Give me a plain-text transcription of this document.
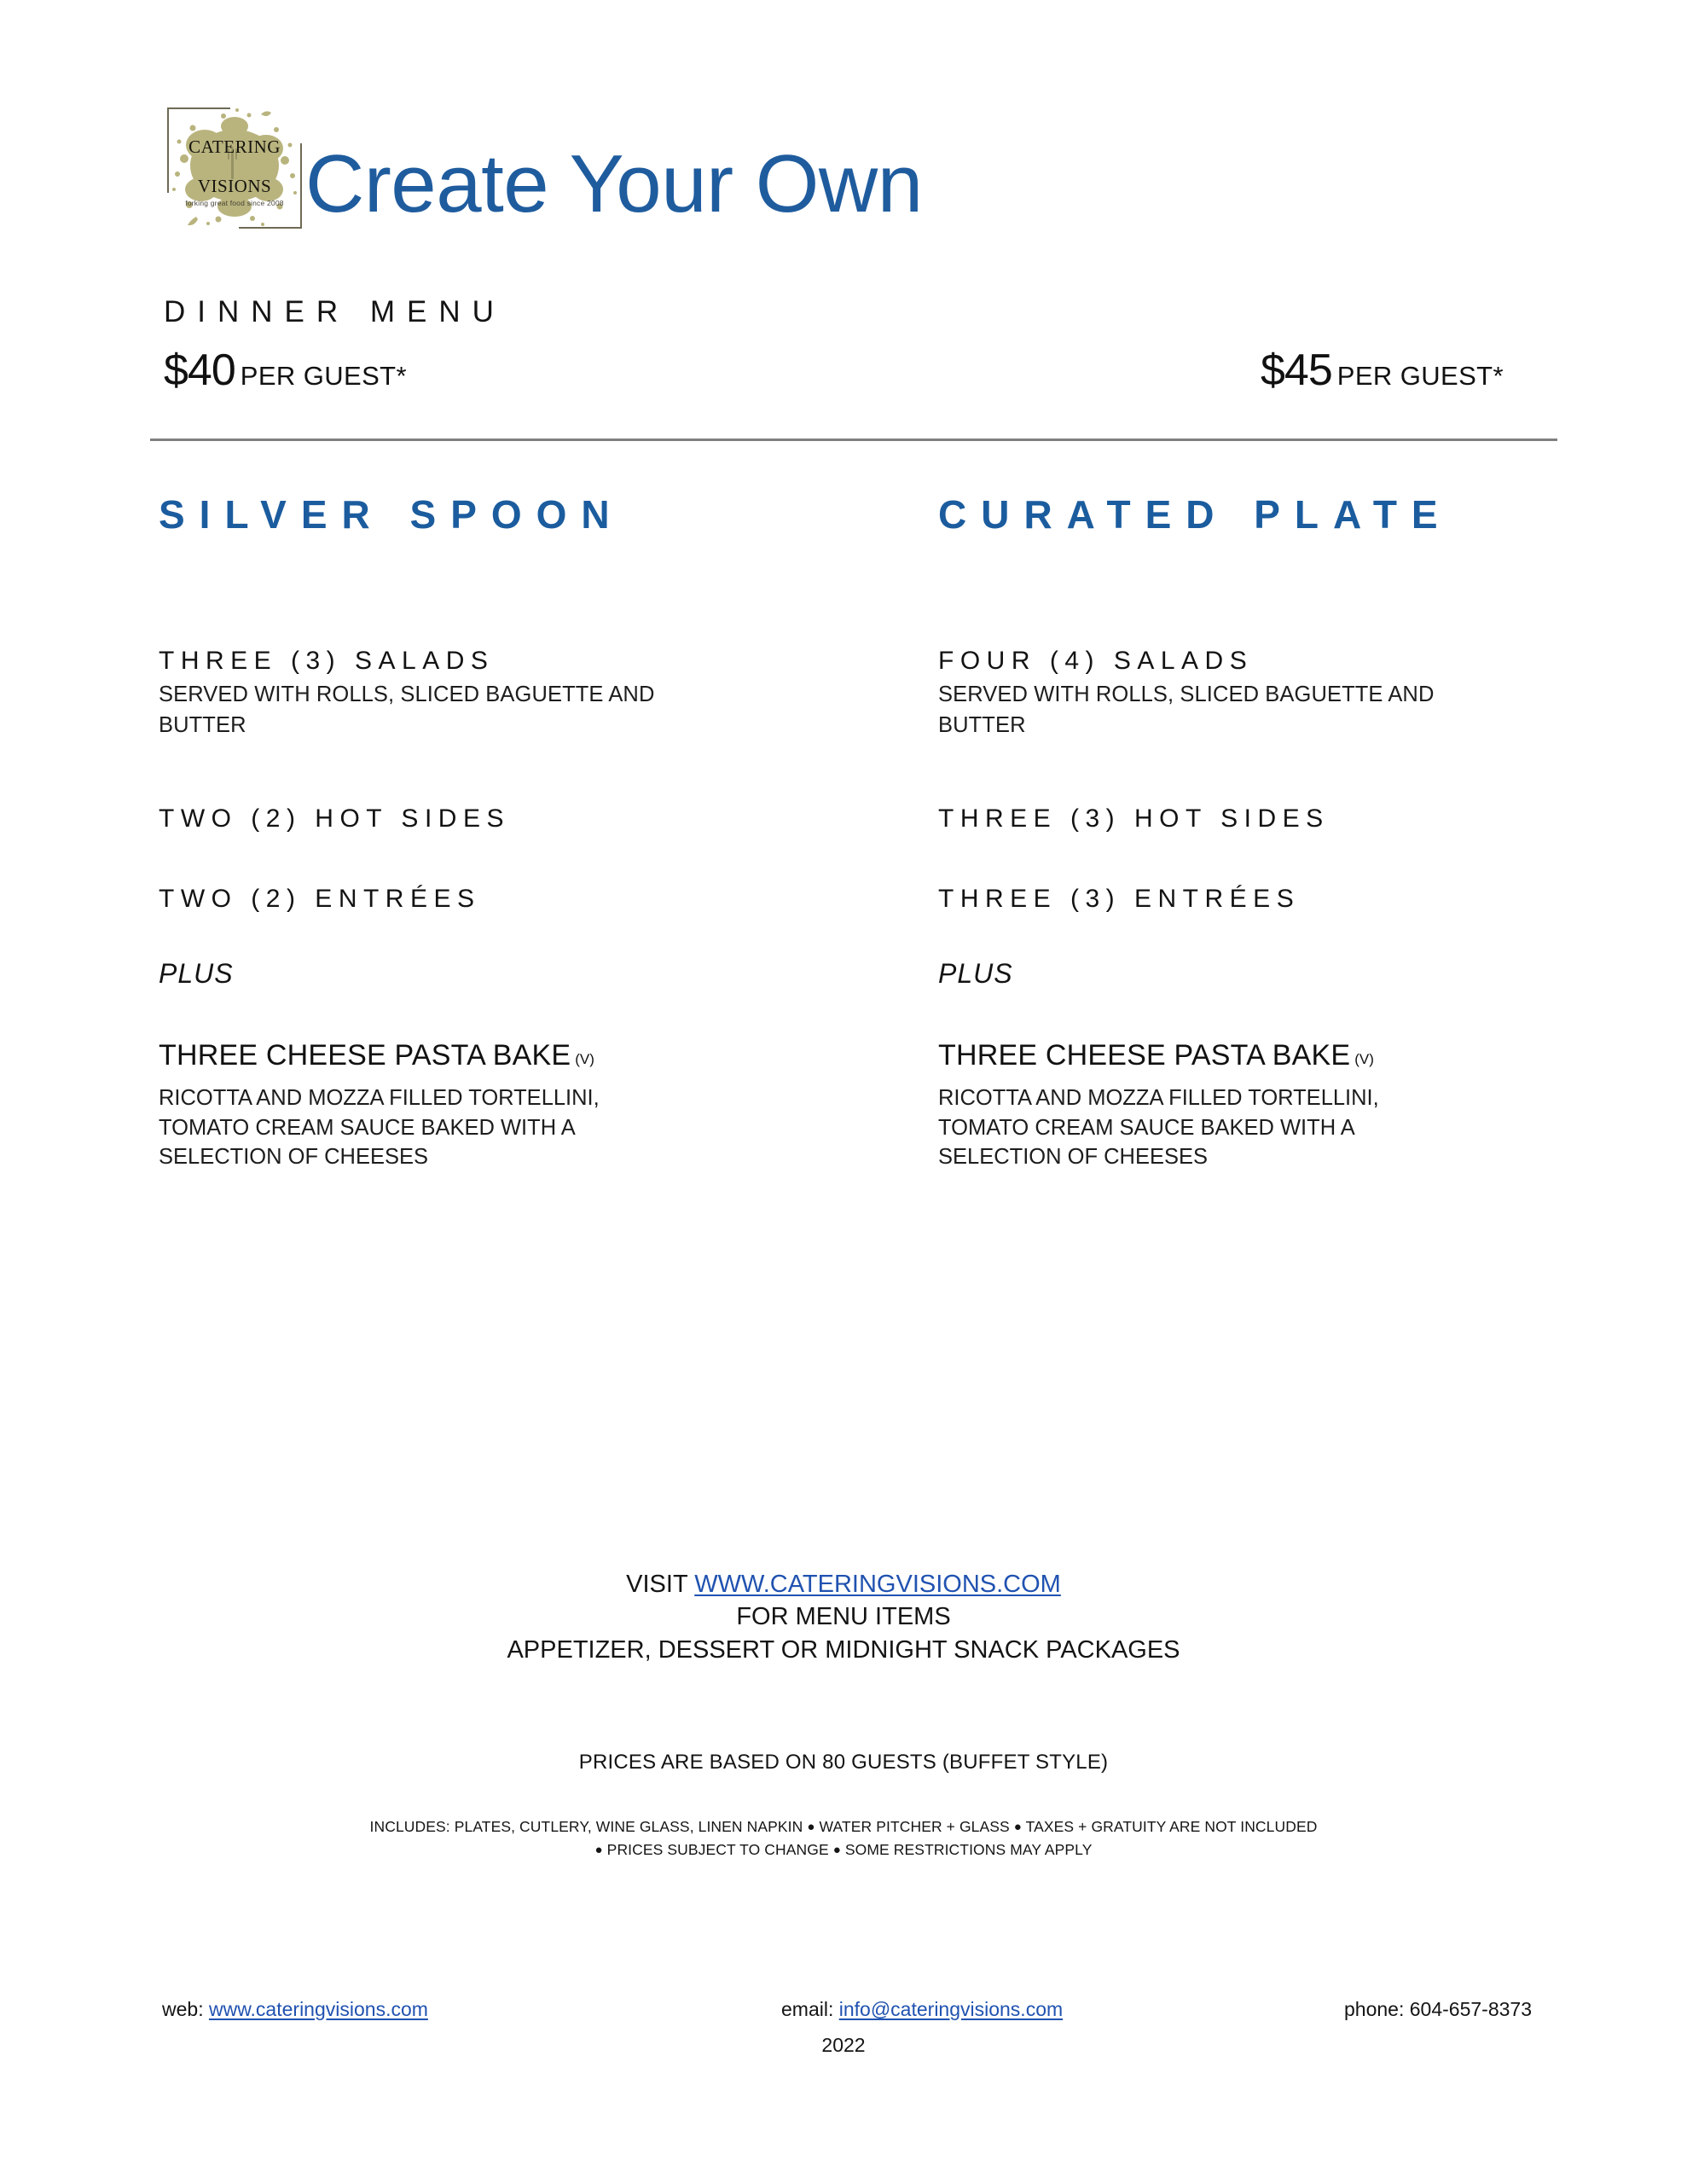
CATERING
VISIONS
forking great food since 2008 Create Your Own
DINNER MENU
$40 PER GUEST*	$45 PER GUEST*
SILVER SPOON
THREE (3) SALADS
SERVED WITH ROLLS, SLICED BAGUETTE AND BUTTER
TWO (2) HOT SIDES
TWO (2) ENTRÉES
PLUS
THREE CHEESE PASTA BAKE (V)
RICOTTA AND MOZZA FILLED TORTELLINI, TOMATO CREAM SAUCE BAKED WITH A SELECTION OF CHEESES
CURATED PLATE
FOUR (4) SALADS
SERVED WITH ROLLS, SLICED BAGUETTE AND BUTTER
THREE (3) HOT SIDES
THREE (3) ENTRÉES
PLUS
THREE CHEESE PASTA BAKE (V)
RICOTTA AND MOZZA FILLED TORTELLINI, TOMATO CREAM SAUCE BAKED WITH A SELECTION OF CHEESES
VISIT WWW.CATERINGVISIONS.COM
FOR MENU ITEMS
APPETIZER, DESSERT OR MIDNIGHT SNACK PACKAGES
PRICES ARE BASED ON 80 GUESTS (BUFFET STYLE)
INCLUDES: PLATES, CUTLERY, WINE GLASS, LINEN NAPKIN ● WATER PITCHER + GLASS ● TAXES + GRATUITY ARE NOT INCLUDED
● PRICES SUBJECT TO CHANGE ● SOME RESTRICTIONS MAY APPLY
web: www.cateringvisions.com	email: info@cateringvisions.com	phone: 604-657-8373
2022
